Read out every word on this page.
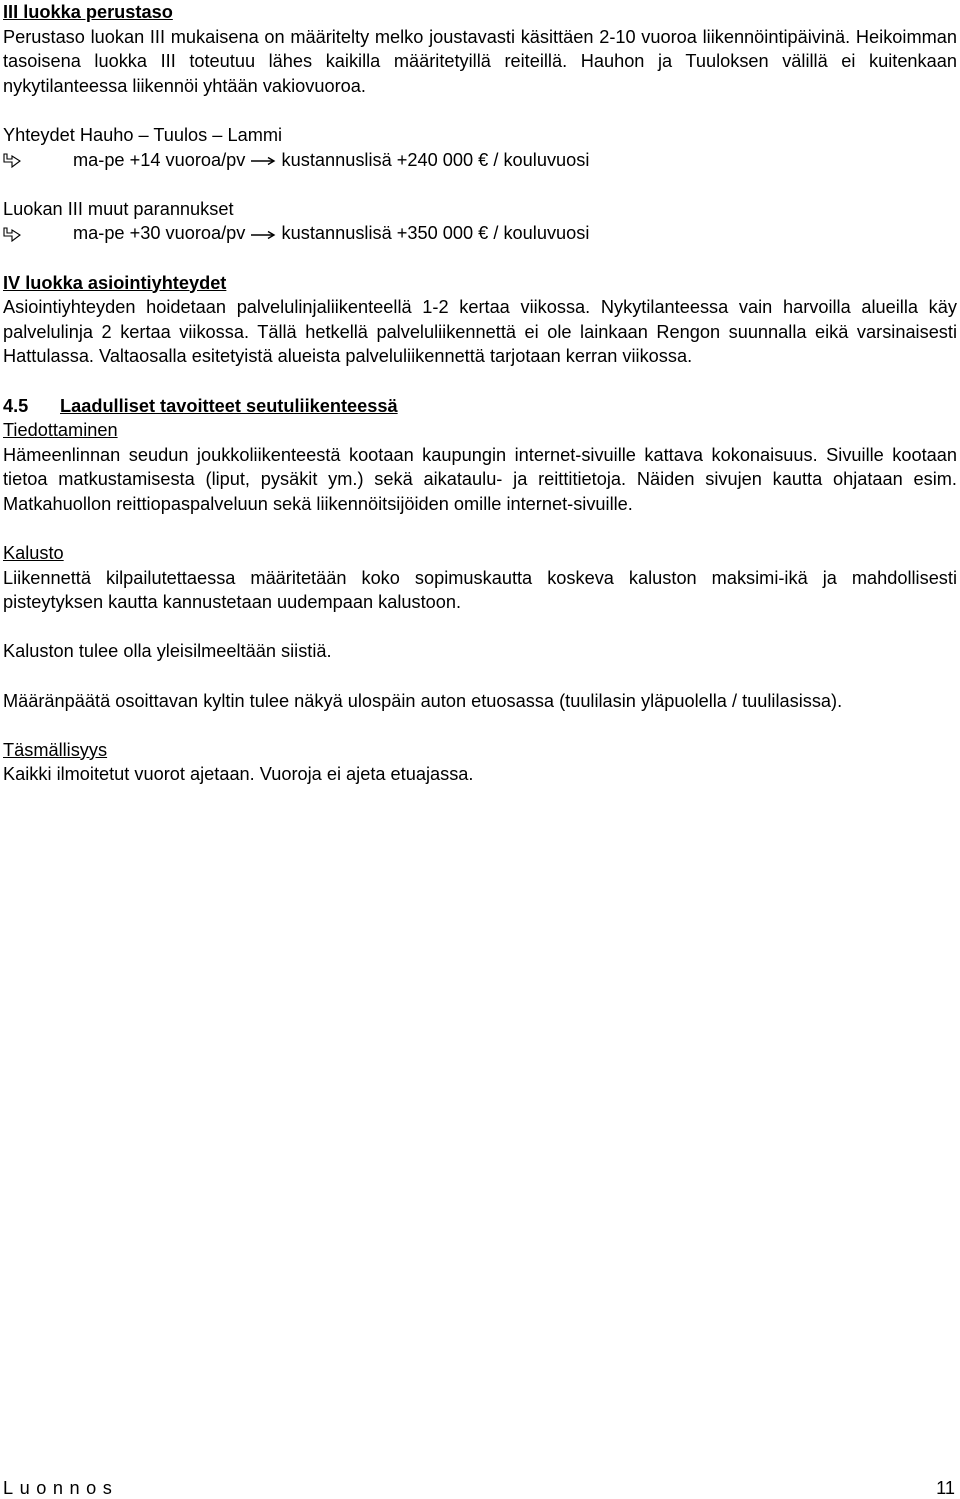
III luokka perustaso
Perustaso luokan III mukaisena on määritelty melko joustavasti käsittäen 2-10 vuoroa liikennöintipäivinä. Heikoimman tasoisena luokka III toteutuu lähes kaikilla määritetyillä reiteillä. Hauhon ja Tuuloksen välillä ei kuitenkaan nykytilanteessa liikennöi yhtään vakiovuoroa.
Yhteydet Hauho – Tuulos – Lammi
ma-pe +14 vuoroa/pv kustannuslisä +240 000 € / kouluvuosi
Luokan III muut parannukset
ma-pe +30 vuoroa/pv kustannuslisä +350 000 € / kouluvuosi
IV luokka asiointiyhteydet
Asiointiyhteyden hoidetaan palvelulinjaliikenteellä 1-2 kertaa viikossa. Nykytilanteessa vain harvoilla alueilla käy palvelulinja 2 kertaa viikossa. Tällä hetkellä palveluliikennettä ei ole lainkaan Rengon suunnalla eikä varsinaisesti Hattulassa. Valtaosalla esitetyistä alueista palveluliikennettä tarjotaan kerran viikossa.
4.5 Laadulliset tavoitteet seutuliikenteessä
Tiedottaminen
Hämeenlinnan seudun joukkoliikenteestä kootaan kaupungin internet-sivuille kattava kokonaisuus. Sivuille kootaan tietoa matkustamisesta (liput, pysäkit ym.) sekä aikataulu- ja reittitietoja. Näiden sivujen kautta ohjataan esim. Matkahuollon reittiopaspalveluun sekä liikennöitsijöiden omille internet-sivuille.
Kalusto
Liikennettä kilpailutettaessa määritetään koko sopimuskautta koskeva kaluston maksimi-ikä ja mahdollisesti pisteytyksen kautta kannustetaan uudempaan kalustoon.
Kaluston tulee olla yleisilmeeltään siistiä.
Määränpäätä osoittavan kyltin tulee näkyä ulospäin auton etuosassa (tuulilasin yläpuolella / tuulilasissa).
Täsmällisyys
Kaikki ilmoitetut vuorot ajetaan. Vuoroja ei ajeta etuajassa.
Luonnos	11
